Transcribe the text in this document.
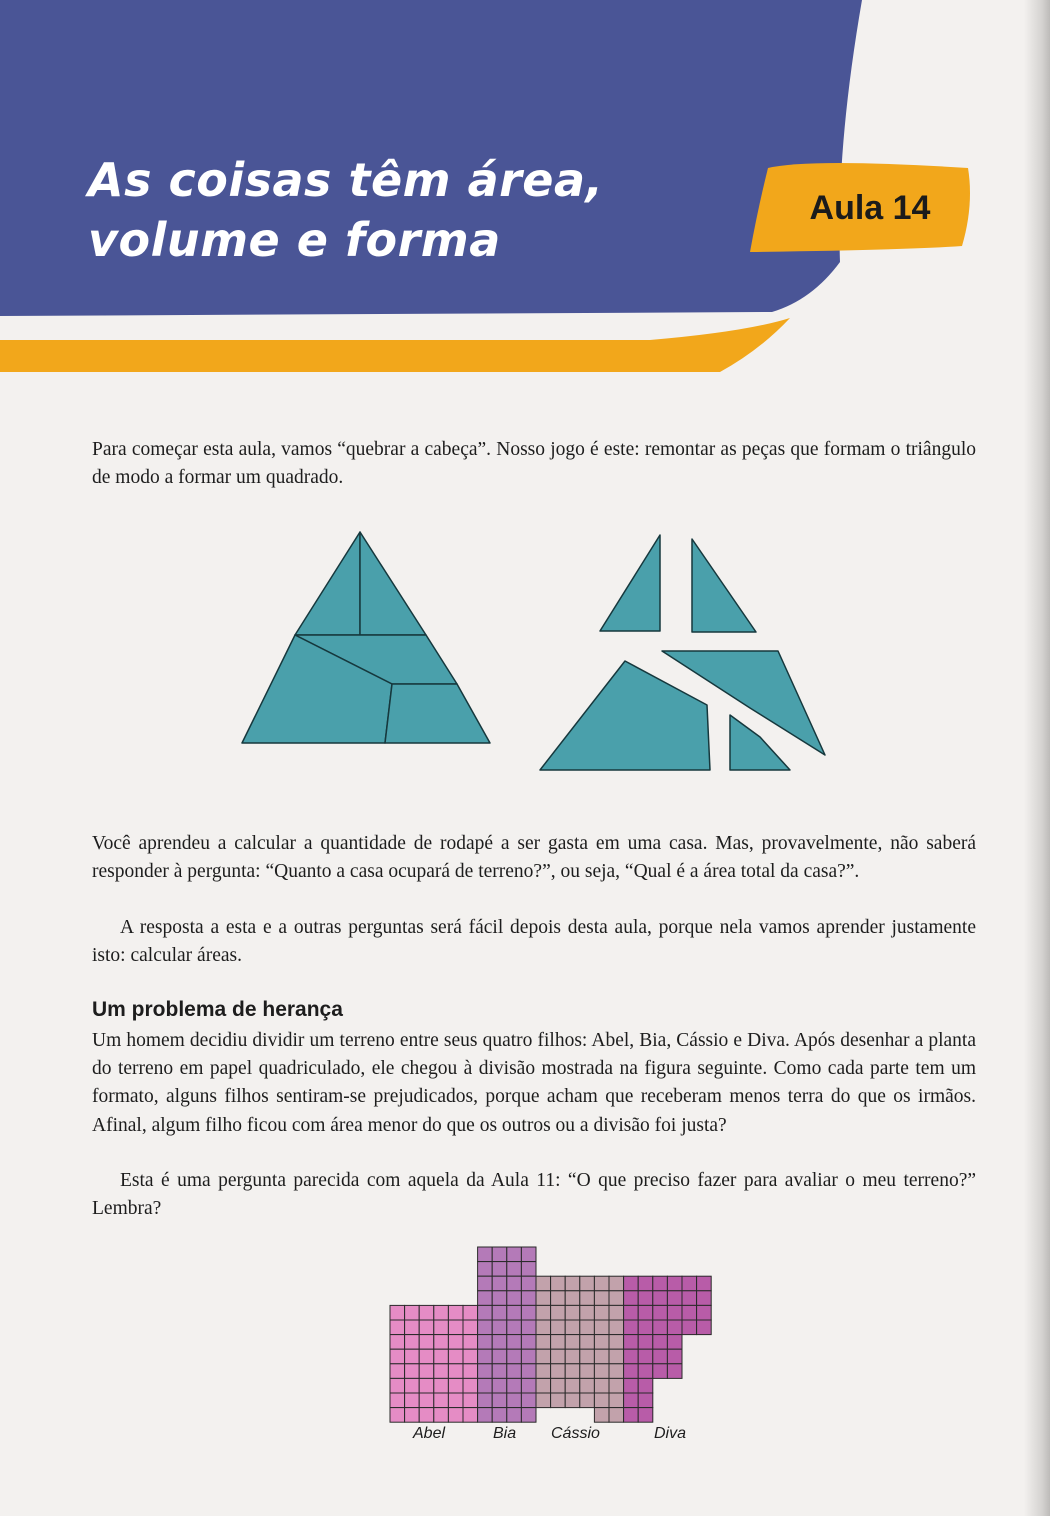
As coisas têm área,
volume e forma
Aula 14

Para começar esta aula, vamos “quebrar a cabeça”. Nosso jogo é este: remontar as peças que formam o triângulo de modo a formar um quadrado.

Você aprendeu a calcular a quantidade de rodapé a ser gasta em uma casa. Mas, provavelmente, não saberá responder à pergunta: “Quanto a casa ocupará de terreno?”, ou seja, “Qual é a área total da casa?”.

A resposta a esta e a outras perguntas será fácil depois desta aula, porque nela vamos aprender justamente isto: calcular áreas.

Um problema de herança

Um homem decidiu dividir um terreno entre seus quatro filhos: Abel, Bia, Cássio e Diva. Após desenhar a planta do terreno em papel quadriculado, ele chegou à divisão mostrada na figura seguinte. Como cada parte tem um formato, alguns filhos sentiram-se prejudicados, porque acham que receberam menos terra do que os irmãos. Afinal, algum filho ficou com área menor do que os outros ou a divisão foi justa?

Esta é uma pergunta parecida com aquela da Aula 11: “O que preciso fazer para avaliar o meu terreno?” Lembra?

Abel	Bia Cássio	Diva
